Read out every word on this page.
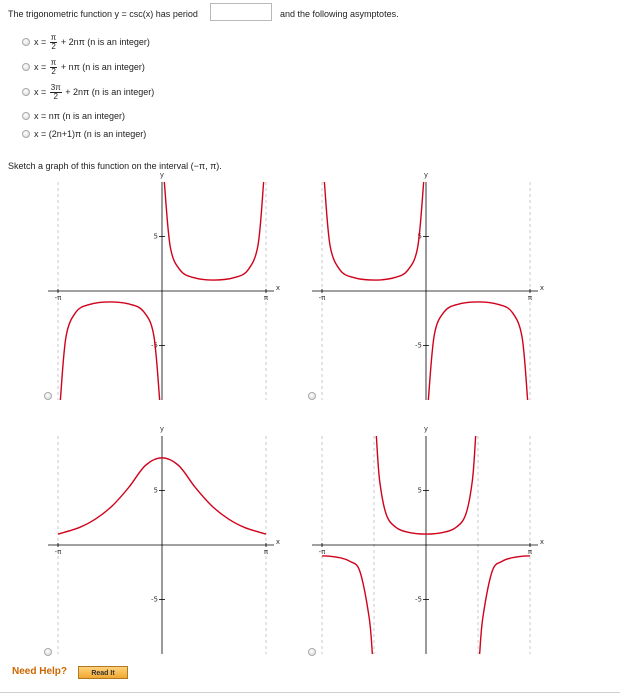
The trigonometric function y = csc(x) has period	and the following asymptotes.
$x = \frac{\pi}{2} + 2n\pi$ (n is an integer)
$x = \frac{\pi}{2} + n\pi$ (n is an integer)
$x = \frac{3\pi}{2} + 2n\pi$ (n is an integer)
x = nπ (n is an integer)
x = (2n+1)π (n is an integer)
Sketch a graph of this function on the interval (−π, π).
y
x
5
-5
-π	π
y
x
5
-5
-π	π
y
x
5
-5
-π	π
y
x
5
-5
-π	π
Need Help?	Read It
